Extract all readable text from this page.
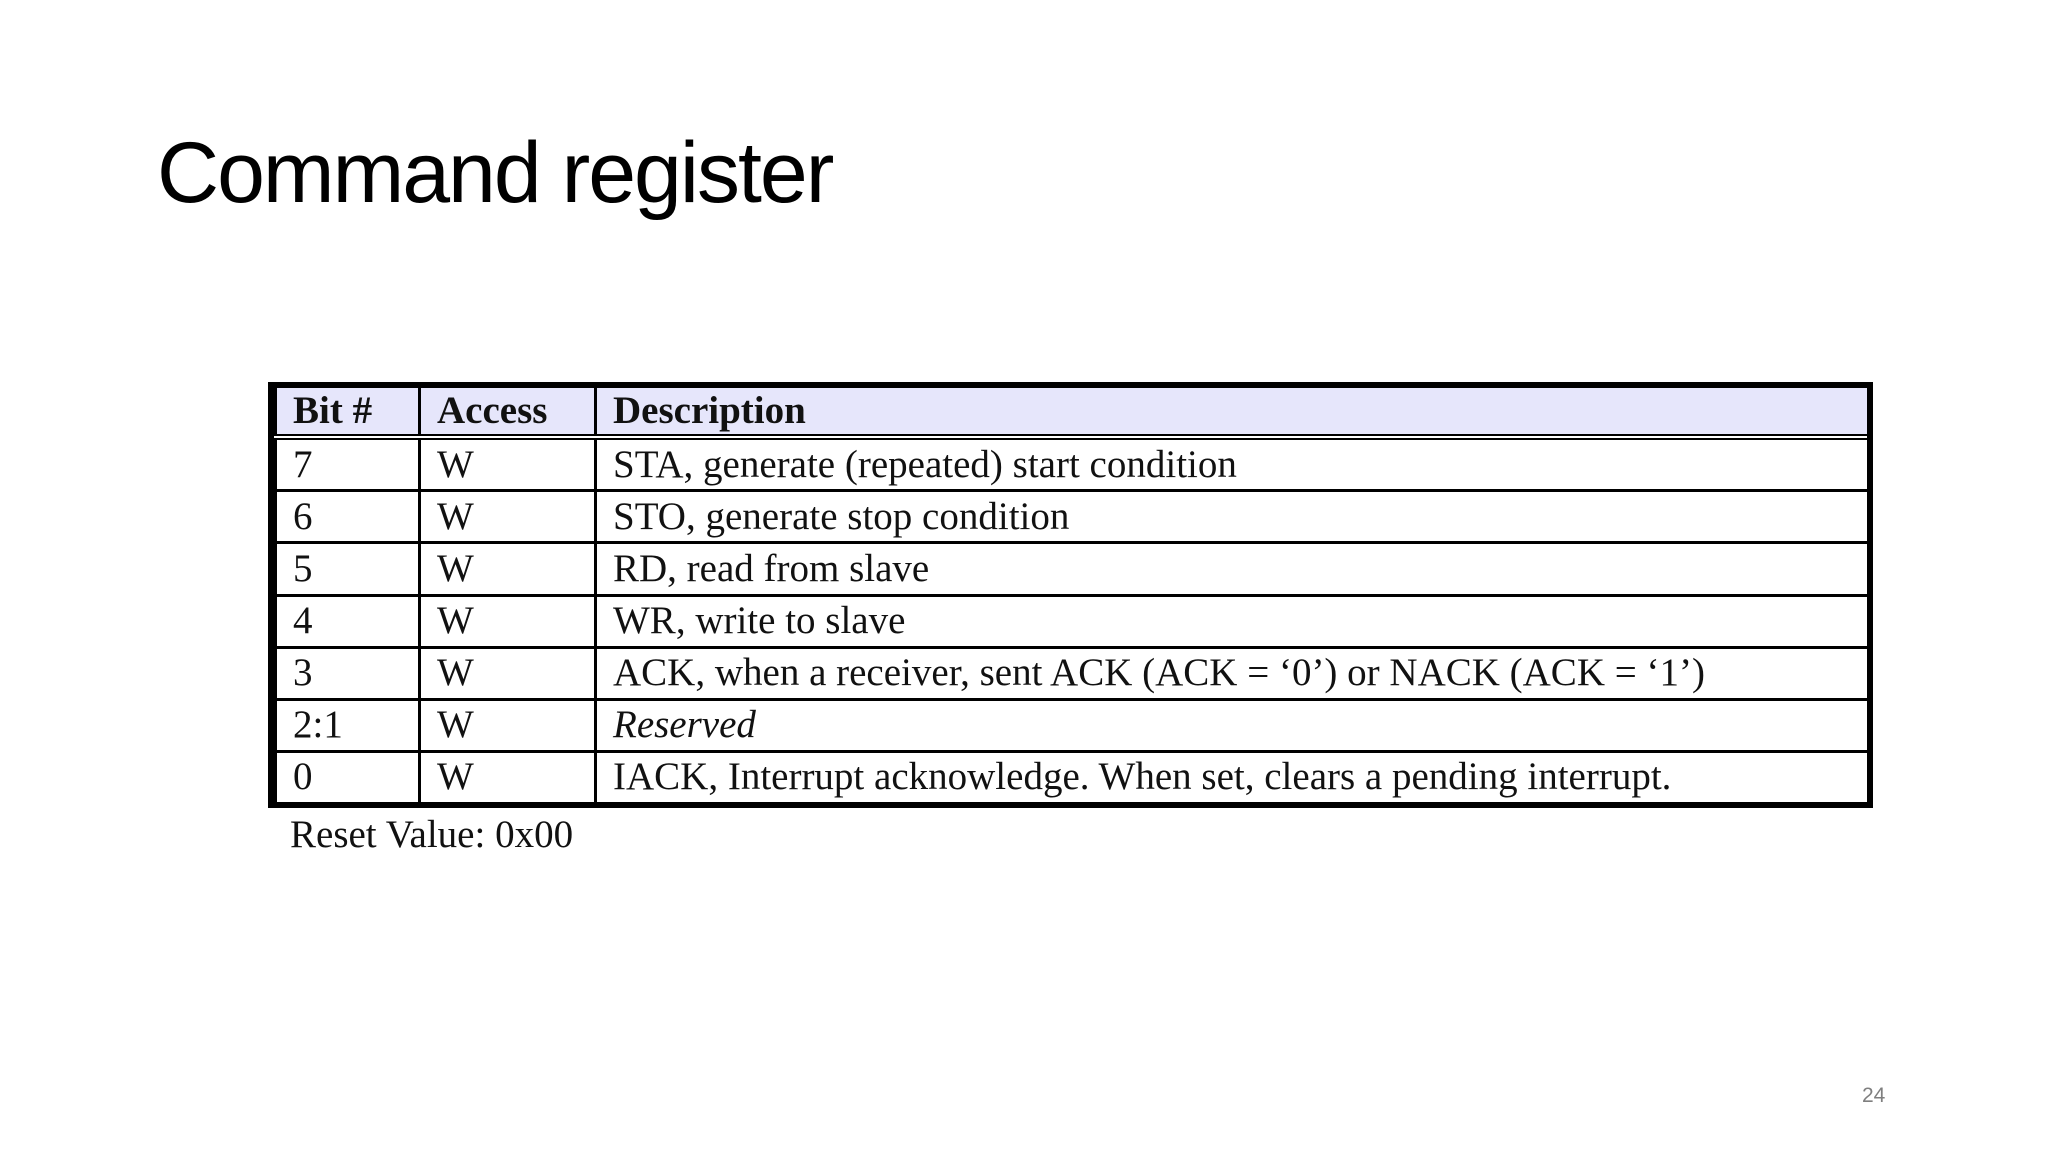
Command register
Bit #	Access	Description
7	W	STA, generate (repeated) start condition
6	W	STO, generate stop condition
5	W	RD, read from slave
4	W	WR, write to slave
3	W	ACK, when a receiver, sent ACK (ACK = ‘0’) or NACK (ACK = ‘1’)
2:1	W	Reserved
0	W	IACK, Interrupt acknowledge. When set, clears a pending interrupt.
Reset Value: 0x00
24
